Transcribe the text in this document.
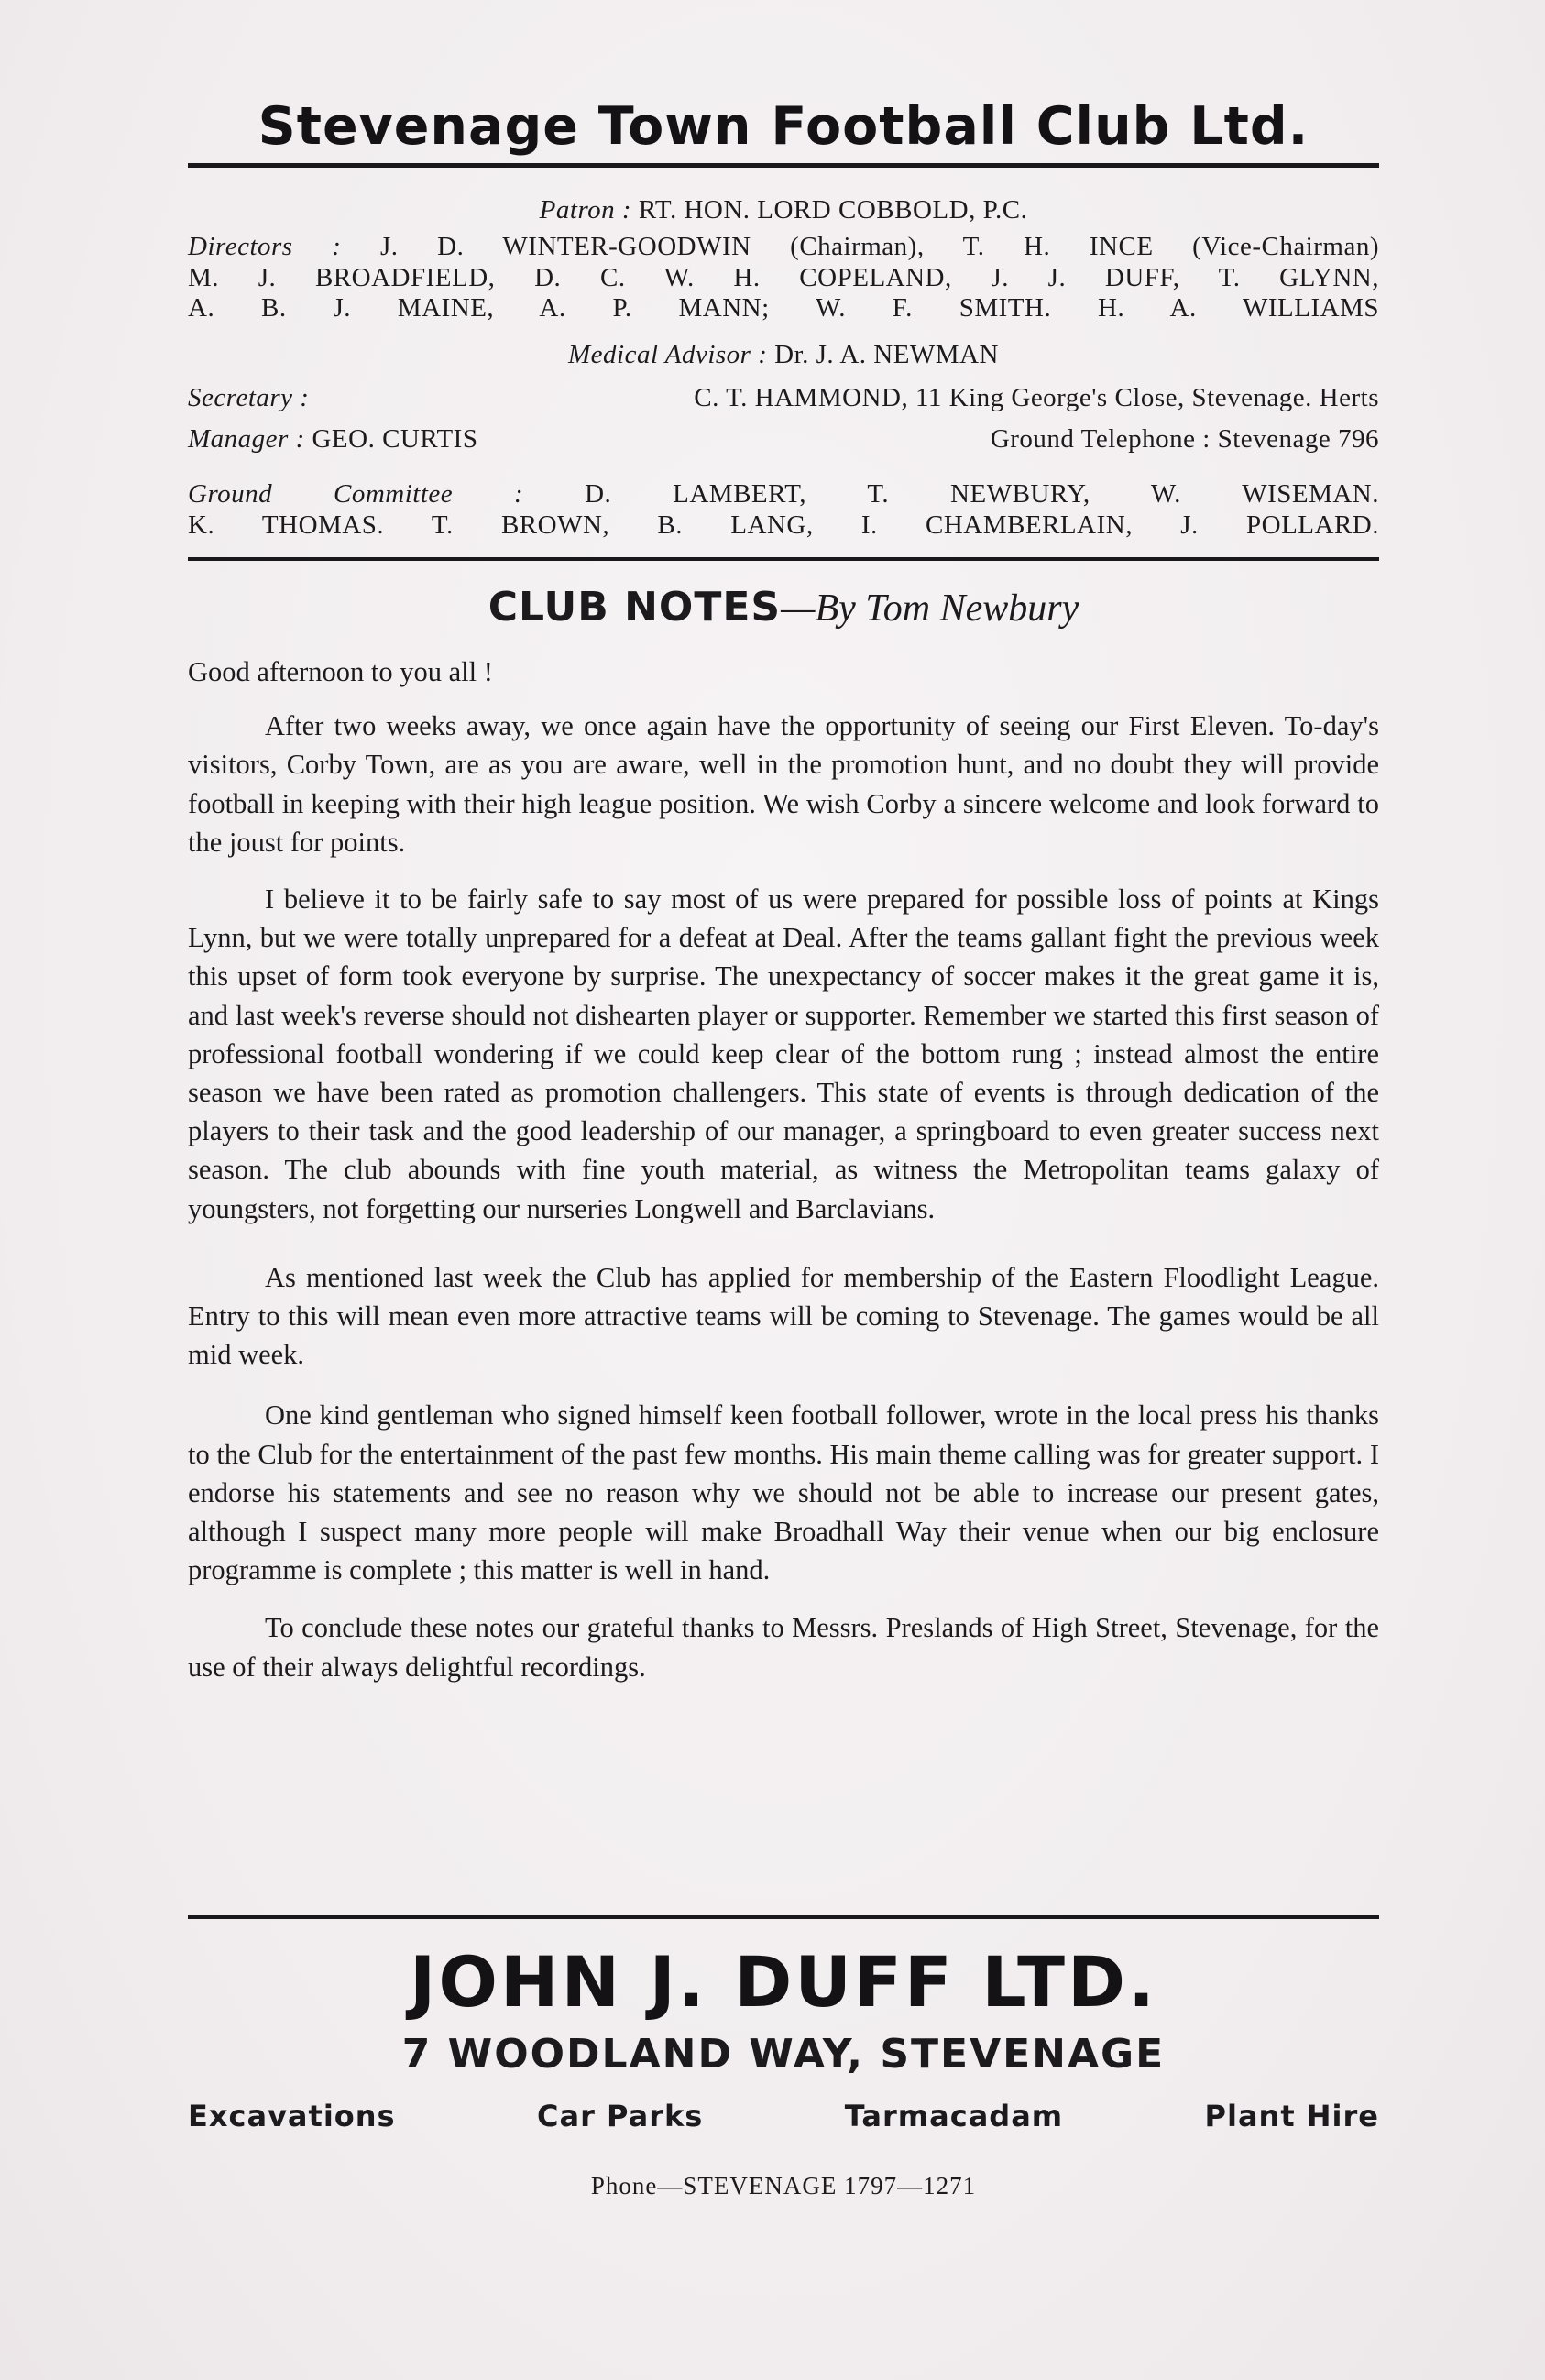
Stevenage Town Football Club Ltd.
Patron : RT. HON. LORD COBBOLD, P.C.
Directors : J. D. WINTER-GOODWIN (Chairman), T. H. INCE (Vice-Chairman)
M. J. BROADFIELD, D. C. W. H. COPELAND, J. J. DUFF, T. GLYNN,
A. B. J. MAINE, A. P. MANN; W. F. SMITH. H. A. WILLIAMS
Medical Advisor : Dr. J. A. NEWMAN
Secretary :	C. T. HAMMOND, 11 King George's Close, Stevenage. Herts
Manager : GEO. CURTIS	Ground Telephone : Stevenage 796
Ground Committee : D. LAMBERT, T. NEWBURY, W. WISEMAN.
K. THOMAS. T. BROWN, B. LANG, I. CHAMBERLAIN, J. POLLARD.
CLUB NOTES—By Tom Newbury

Good afternoon to you all !

After two weeks away, we once again have the opportunity of seeing our First Eleven. To-day's visitors, Corby Town, are as you are aware, well in the promotion hunt, and no doubt they will provide football in keeping with their high league position. We wish Corby a sincere welcome and look forward to the joust for points.

I believe it to be fairly safe to say most of us were prepared for possible loss of points at Kings Lynn, but we were totally unprepared for a defeat at Deal. After the teams gallant fight the previous week this upset of form took everyone by surprise. The unexpectancy of soccer makes it the great game it is, and last week's reverse should not dishearten player or supporter. Remember we started this first season of professional football wondering if we could keep clear of the bottom rung ; instead almost the entire season we have been rated as promotion challengers. This state of events is through dedication of the players to their task and the good leadership of our manager, a springboard to even greater success next season. The club abounds with fine youth material, as witness the Metropolitan teams galaxy of youngsters, not forgetting our nurseries Longwell and Barclavians.

As mentioned last week the Club has applied for membership of the Eastern Floodlight League. Entry to this will mean even more attractive teams will be coming to Stevenage. The games would be all mid week.

One kind gentleman who signed himself keen football follower, wrote in the local press his thanks to the Club for the entertainment of the past few months. His main theme calling was for greater support. I endorse his statements and see no reason why we should not be able to increase our present gates, although I suspect many more people will make Broadhall Way their venue when our big enclosure programme is complete ; this matter is well in hand.

To conclude these notes our grateful thanks to Messrs. Preslands of High Street, Stevenage, for the use of their always delightful recordings.

JOHN J. DUFF LTD.
7 WOODLAND WAY, STEVENAGE
Excavations	Car Parks	Tarmacadam	Plant Hire
Phone—STEVENAGE 1797—1271
